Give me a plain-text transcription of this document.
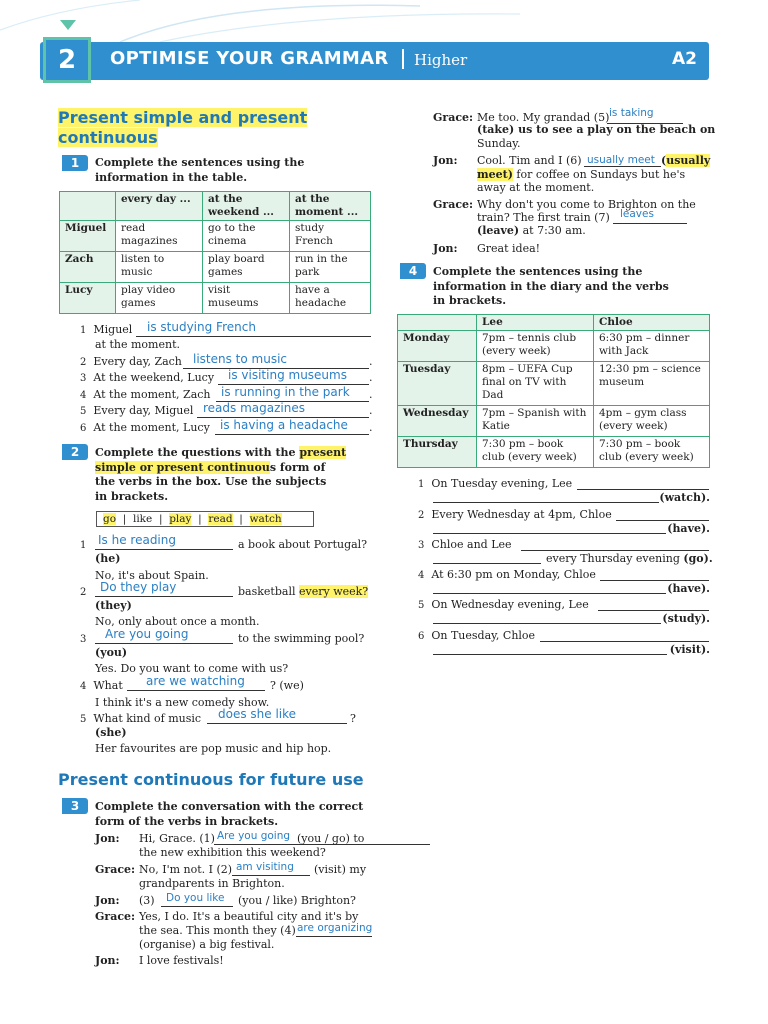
2	OPTIMISE YOUR GRAMMAR Higher	A2
Present simple and present
continuous
1	Complete the sentences using the
information in the table.
	every day ...	at the weekend ...	at the moment ...
Miguel	read magazines	go to the cinema	study French
Zach	listen to music	play board games	run in the park
Lucy	play video games	visit museums	have a headache
1 Miguel is studying French
at the moment.
2 Every day, Zach listens to music	.
3 At the weekend, Lucy is visiting museums .
4 At the moment, Zach is running in the park .
5 Every day, Miguel reads magazines	.
6 At the moment, Lucy is having a headache .
2	Complete the questions with the present
simple or present continuous form of
the verbs in the box. Use the subjects
in brackets.
go | like | play | read | watch
1 Is he reading	a book about Portugal?
(he)
No, it's about Spain.
2 Do they play	basketball every week?
(they)
No, only about once a month.
3 Are you going	to the swimming pool?
(you)
Yes. Do you want to come with us?
4 What are we watching ? (we)
I think it's a new comedy show.
5 What kind of music does she like	?
(she)
Her favourites are pop music and hip hop.
Present continuous for future use
3	Complete the conversation with the correct
form of the verbs in brackets.
Jon: Hi, Grace. (1) Are you going (you / go) to
the new exhibition this weekend?
Grace: No, I'm not. I (2) am visiting (visit) my
grandparents in Brighton.
Jon: (3) Do you like (you / like) Brighton?
Grace: Yes, I do. It's a beautiful city and it's by
the sea. This month they (4) are organizing
(organise) a big festival.
Jon: I love festivals!
Grace: Me too. My grandad (5) is taking
(take) us to see a play on the beach on
Sunday.
Jon: Cool. Tim and I (6) usually meet (usually
meet) for coffee on Sundays but he's
away at the moment.
Grace: Why don't you come to Brighton on the
train? The first train (7) leaves
(leave) at 7:30 am.
Jon: Great idea!
4	Complete the sentences using the
information in the diary and the verbs
in brackets.
	Lee	Chloe
Monday	7pm – tennis club (every week)	6:30 pm – dinner with Jack
Tuesday	8pm – UEFA Cup final on TV with Dad	12:30 pm – science museum
Wednesday	7pm – Spanish with Katie	4pm – gym class (every week)
Thursday	7:30 pm – book club (every week)	7:30 pm – book club (every week)
1 On Tuesday evening, Lee
(watch).
2 Every Wednesday at 4pm, Chloe
(have).
3 Chloe and Lee
every Thursday evening (go).
4 At 6:30 pm on Monday, Chloe
(have).
5 On Wednesday evening, Lee
(study).
6 On Tuesday, Chloe
(visit).
